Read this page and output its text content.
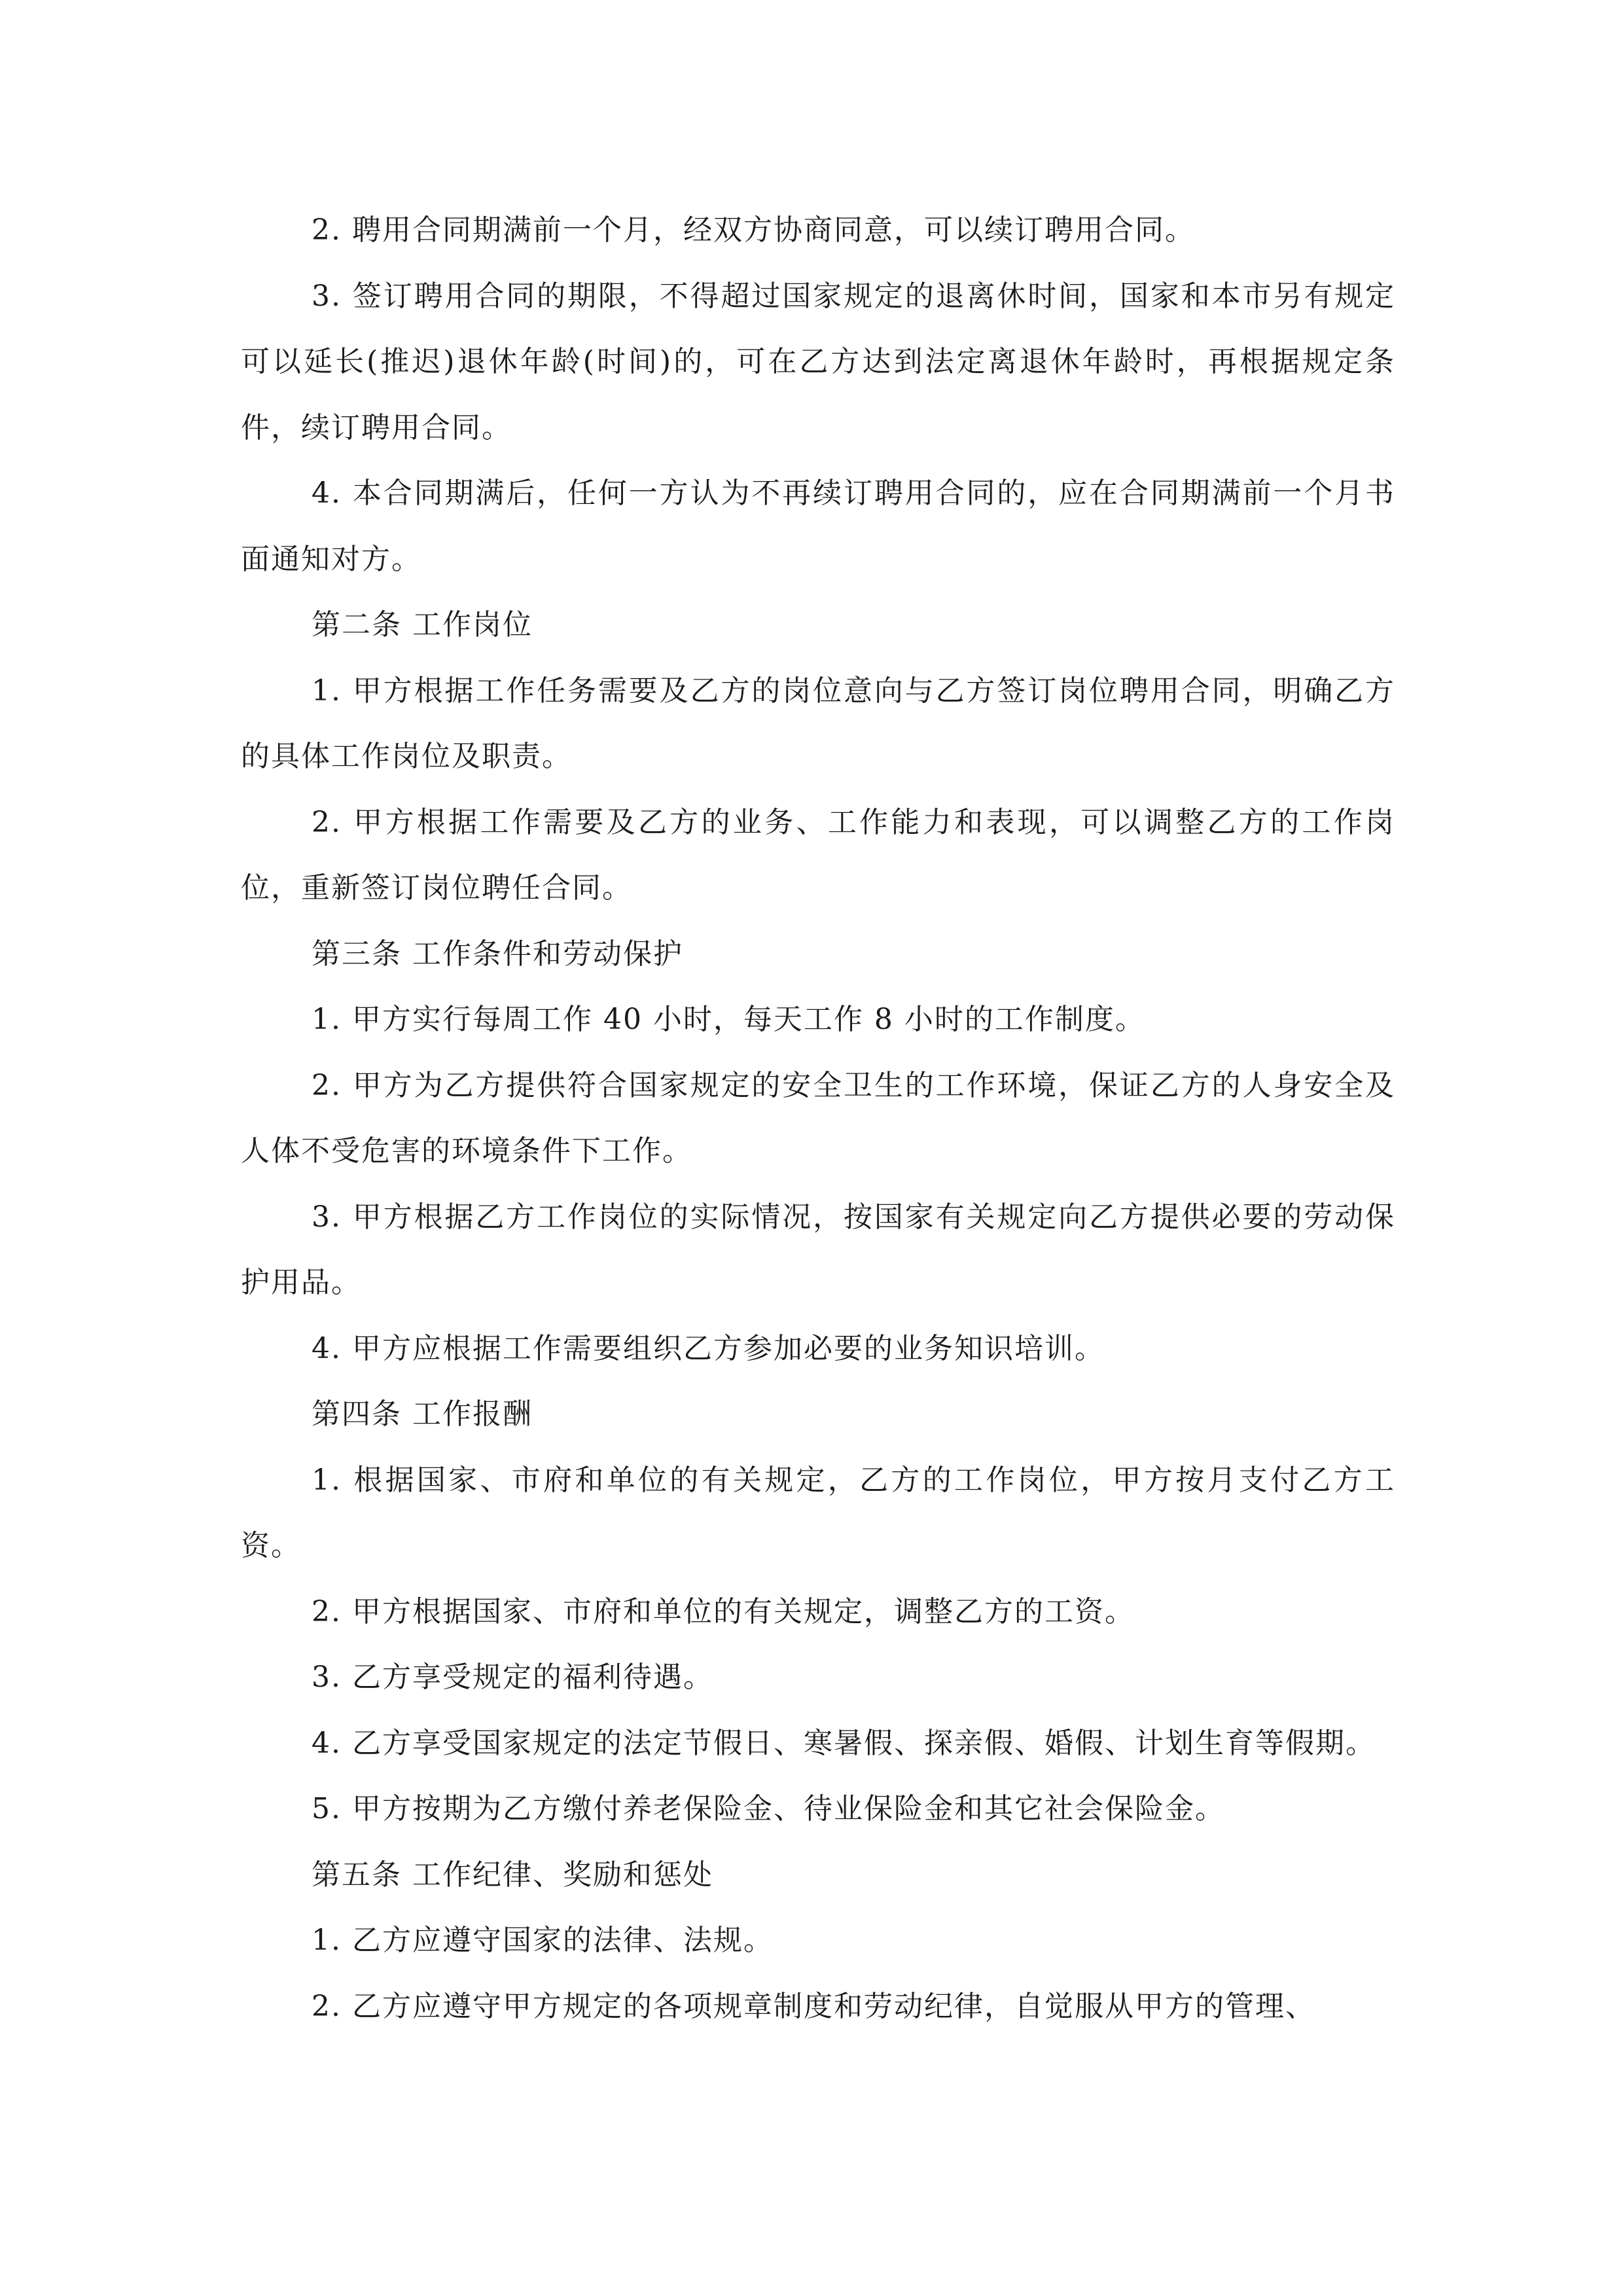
2. 聘用合同期满前一个月，经双方协商同意，可以续订聘用合同。

3. 签订聘用合同的期限，不得超过国家规定的退离休时间，国家和本市另有规定可以延长(推迟)退休年龄(时间)的，可在乙方达到法定离退休年龄时，再根据规定条件，续订聘用合同。

4. 本合同期满后，任何一方认为不再续订聘用合同的，应在合同期满前一个月书面通知对方。

第二条 工作岗位

1. 甲方根据工作任务需要及乙方的岗位意向与乙方签订岗位聘用合同，明确乙方的具体工作岗位及职责。

2. 甲方根据工作需要及乙方的业务、工作能力和表现，可以调整乙方的工作岗位，重新签订岗位聘任合同。

第三条 工作条件和劳动保护

1. 甲方实行每周工作 40 小时，每天工作 8 小时的工作制度。

2. 甲方为乙方提供符合国家规定的安全卫生的工作环境，保证乙方的人身安全及人体不受危害的环境条件下工作。

3. 甲方根据乙方工作岗位的实际情况，按国家有关规定向乙方提供必要的劳动保护用品。

4. 甲方应根据工作需要组织乙方参加必要的业务知识培训。

第四条 工作报酬

1. 根据国家、市府和单位的有关规定，乙方的工作岗位，甲方按月支付乙方工资。

2. 甲方根据国家、市府和单位的有关规定，调整乙方的工资。

3. 乙方享受规定的福利待遇。

4. 乙方享受国家规定的法定节假日、寒暑假、探亲假、婚假、计划生育等假期。

5. 甲方按期为乙方缴付养老保险金、待业保险金和其它社会保险金。

第五条 工作纪律、奖励和惩处

1. 乙方应遵守国家的法律、法规。

2. 乙方应遵守甲方规定的各项规章制度和劳动纪律，自觉服从甲方的管理、
